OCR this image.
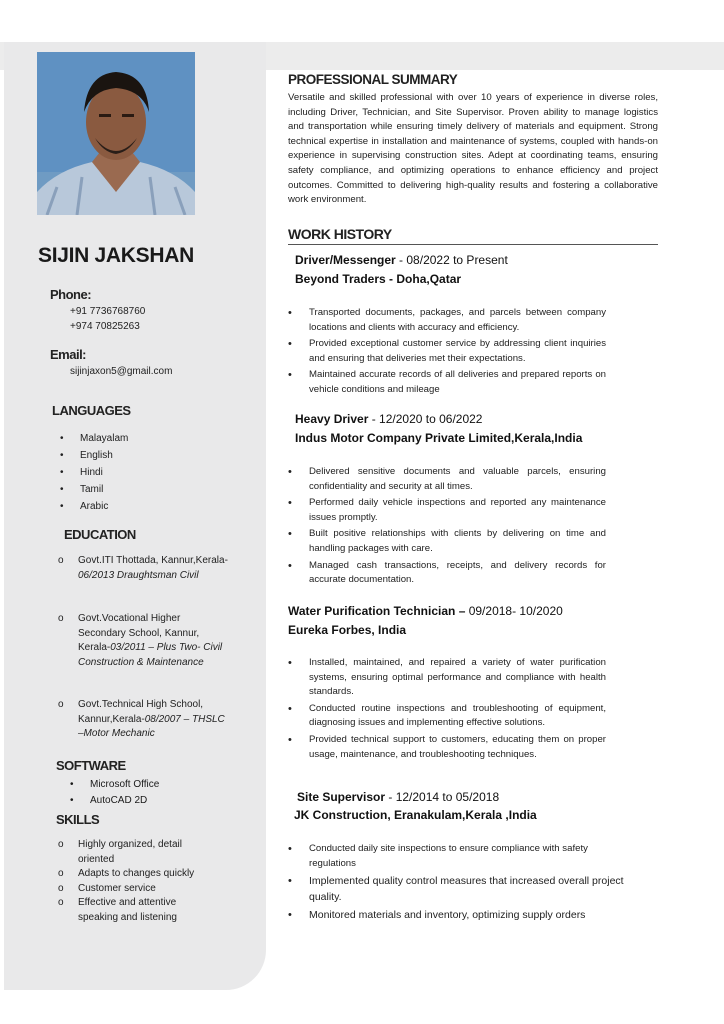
SIJIN JAKSHAN
Phone:
+91 7736768760
+974 70825263
Email:
sijinjaxon5@gmail.com
LANGUAGES
• Malayalam
• English
• Hindi
• Tamil
• Arabic
EDUCATION
o Govt.ITI Thottada, Kannur,Kerala-06/2013 Draughtsman Civil
o Govt.Vocational Higher Secondary School, Kannur, Kerala-03/2011 – Plus Two- Civil Construction & Maintenance
o Govt.Technical High School, Kannur,Kerala-08/2007 – THSLC –Motor Mechanic
SOFTWARE
• Microsoft Office
• AutoCAD 2D
SKILLS
o Highly organized, detail oriented
o Adapts to changes quickly
o Customer service
o Effective and attentive speaking and listening
PROFESSIONAL SUMMARY

Versatile and skilled professional with over 10 years of experience in diverse roles, including Driver, Technician, and Site Supervisor. Proven ability to manage logistics and transportation while ensuring timely delivery of materials and equipment. Strong technical expertise in installation and maintenance of systems, coupled with hands-on experience in supervising construction sites. Adept at coordinating teams, ensuring safety compliance, and optimizing operations to enhance efficiency and project outcomes. Committed to delivering high-quality results and fostering a collaborative work environment.

WORK HISTORY
Driver/Messenger - 08/2022 to Present
Beyond Traders - Doha,Qatar
• Transported documents, packages, and parcels between company locations and clients with accuracy and efficiency.
• Provided exceptional customer service by addressing client inquiries and ensuring that deliveries met their expectations.
• Maintained accurate records of all deliveries and prepared reports on vehicle conditions and mileage
Heavy Driver - 12/2020 to 06/2022
Indus Motor Company Private Limited,Kerala,India
• Delivered sensitive documents and valuable parcels, ensuring confidentiality and security at all times.
• Performed daily vehicle inspections and reported any maintenance issues promptly.
• Built positive relationships with clients by delivering on time and handling packages with care.
• Managed cash transactions, receipts, and delivery records for accurate documentation.
Water Purification Technician – 09/2018- 10/2020
Eureka Forbes, India
• Installed, maintained, and repaired a variety of water purification systems, ensuring optimal performance and compliance with health standards.
• Conducted routine inspections and troubleshooting of equipment, diagnosing issues and implementing effective solutions.
• Provided technical support to customers, educating them on proper usage, maintenance, and troubleshooting techniques.
Site Supervisor - 12/2014 to 05/2018
JK Construction, Eranakulam,Kerala ,India
• Conducted daily site inspections to ensure compliance with safety regulations
• Implemented quality control measures that increased overall project quality.
• Monitored materials and inventory, optimizing supply orders
